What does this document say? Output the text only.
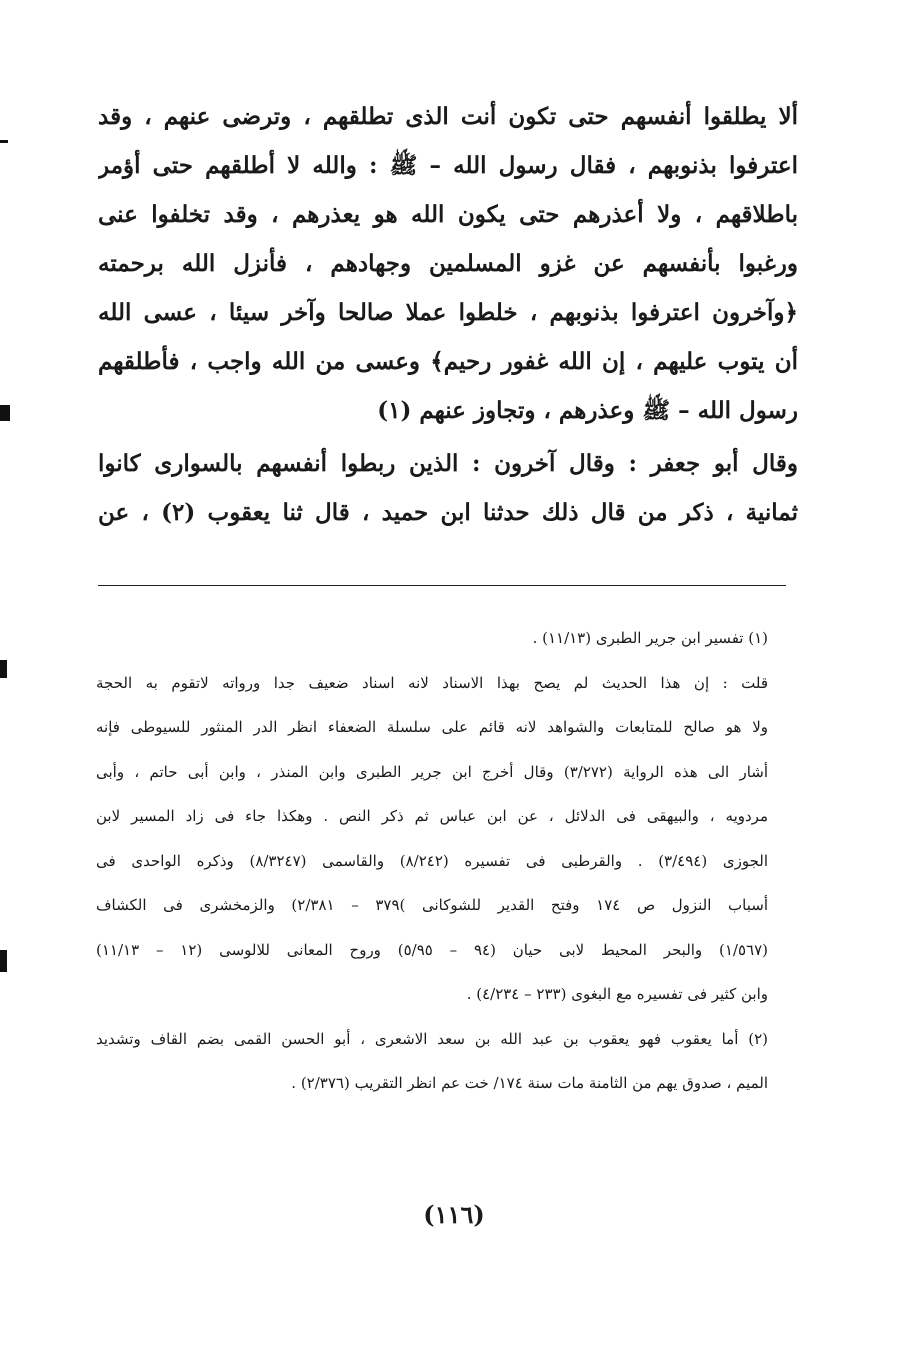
ألا يطلقوا أنفسهم حتى تكون أنت الذى تطلقهم ، وترضى عنهم ، وقد
اعترفوا بذنوبهم ، فقال رسول الله – ﷺ : والله لا أطلقهم حتى أؤمر
باطلاقهم ، ولا أعذرهم حتى يكون الله هو يعذرهم ، وقد تخلفوا عنى
ورغبوا بأنفسهم عن غزو المسلمين وجهادهم ، فأنزل الله برحمته
﴿وآخرون اعترفوا بذنوبهم ، خلطوا عملا صالحا وآخر سيئا ، عسى الله
أن يتوب عليهم ، إن الله غفور رحيم﴾ وعسى من الله واجب ، فأطلقهم
رسول الله – ﷺ وعذرهم ، وتجاوز عنهم (١)
وقال أبو جعفر : وقال آخرون : الذين ربطوا أنفسهم بالسوارى كانوا
ثمانية ، ذكر من قال ذلك حدثنا ابن حميد ، قال ثنا يعقوب (٢) ، عن
(١) تفسير ابن جرير الطبرى (١١/١٣) .
قلت : إن هذا الحديث لم يصح بهذا الاسناد لانه اسناد ضعيف جدا ورواته لاتقوم به الحجة
ولا هو صالح للمتابعات والشواهد لانه قائم على سلسلة الضعفاء انظر الدر المنثور للسيوطى فإنه
أشار الى هذه الرواية (٣/٢٧٢) وقال أخرج ابن جرير الطبرى وابن المنذر ، وابن أبى حاتم ، وأبى
مردويه ، والبيهقى فى الدلائل ، عن ابن عباس ثم ذكر النص . وهكذا جاء فى زاد المسير لابن
الجوزى (٣/٤٩٤) . والقرطبى فى تفسيره (٨/٢٤٢) والقاسمى (٨/٣٢٤٧) وذكره الواحدى فى
أسباب النزول ص ١٧٤ وفتح القدير للشوكانى )٣٧٩ – ٢/٣٨١) والزمخشرى فى الكشاف
(١/٥٦٧) والبحر المحيط لابى حيان (٩٤ – ٥/٩٥) وروح المعانى للالوسى (١٢ – ١١/١٣)
وابن كثير فى تفسيره مع البغوى (٢٣٣ – ٤/٢٣٤) .
(٢) أما يعقوب فهو يعقوب بن عبد الله بن سعد الاشعرى ، أبو الحسن القمى بضم القاف وتشديد
الميم ، صدوق يهم من الثامنة مات سنة ١٧٤/ خت عم انظر التقريب (٢/٣٧٦) .
(١١٦)
